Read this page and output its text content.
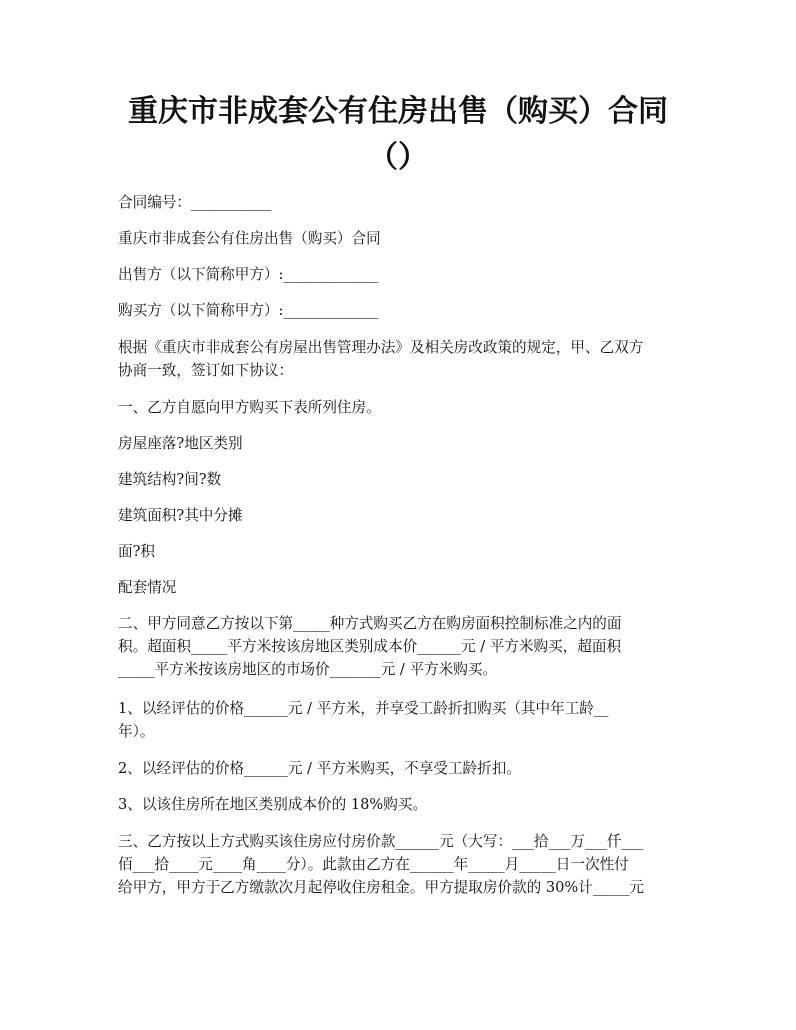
重庆市非成套公有住房出售（购买）合同
（）
合同编号：___________
重庆市非成套公有住房出售（购买）合同
出售方（以下简称甲方）:_____________
购买方（以下简称甲方）:_____________
根据《重庆市非成套公有房屋出售管理办法》及相关房改政策的规定，甲、乙双方
协商一致，签订如下协议：
一、乙方自愿向甲方购买下表所列住房。
房屋座落?地区类别
建筑结构?间?数
建筑面积?其中分摊
面?积
配套情况
二、甲方同意乙方按以下第_____种方式购买乙方在购房面积控制标准之内的面
积。超面积_____平方米按该房地区类别成本价______元 / 平方米购买，超面积
_____平方米按该房地区的市场价_______元 / 平方米购买。
1、以经评估的价格______元 / 平方米，并享受工龄折扣购买（其中年工龄__
年）。
2、以经评估的价格______元 / 平方米购买，不享受工龄折扣。
3、以该住房所在地区类别成本价的 18%购买。
三、乙方按以上方式购买该住房应付房价款______元（大写：___拾___万___仟___
佰___拾____元____角____分）。此款由乙方在______年_____月_____日一次性付
给甲方，甲方于乙方缴款次月起停收住房租金。甲方提取房价款的 30%计_____元
